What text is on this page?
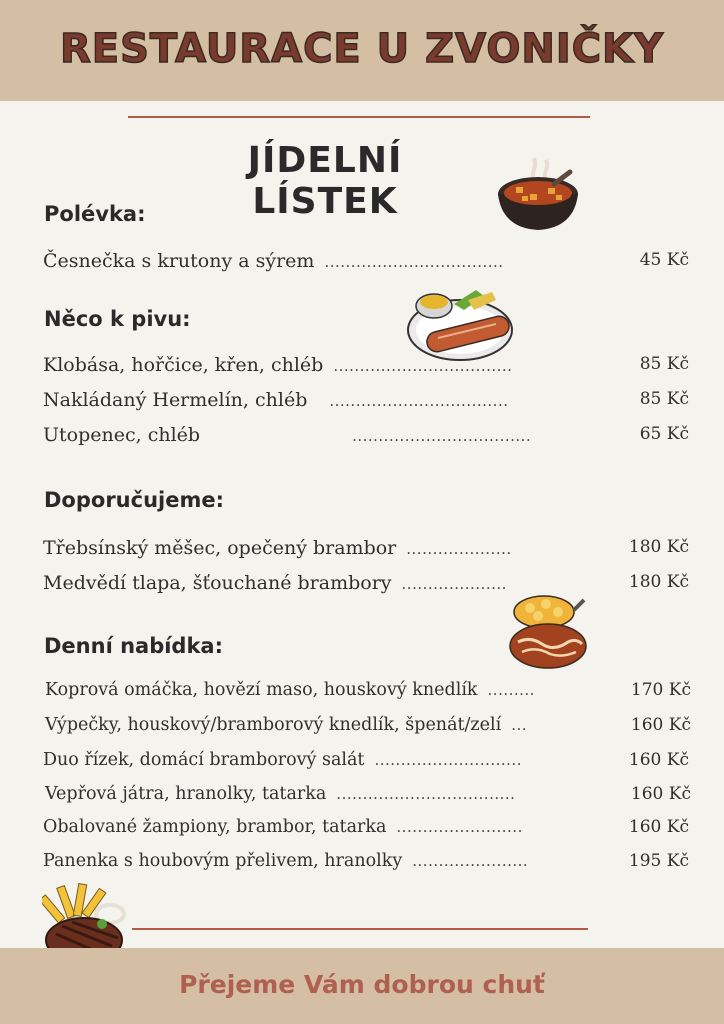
RESTAURACE U ZVONIČKY
JÍDELNÍ LÍSTEK
Polévka:
Česnečka s krutony a sýrem ..................................	45 Kč
Něco k pivu:
Klobása, hořčice, křen, chléb ..................................	85 Kč
Nakládaný Hermelín, chléb ..................................	85 Kč
Utopenec, chléb	..................................	65 Kč
Doporučujeme:
Třebsínský měšec, opečený brambor ....................	180 Kč
Medvědí tlapa, šťouchané brambory ....................	180 Kč
Denní nabídka:
Koprová omáčka, hovězí maso, houskový knedlík .........	170 Kč
Výpečky, houskový/bramborový knedlík, špenát/zelí ...	160 Kč
Duo řízek, domácí bramborový salát ............................	160 Kč
Vepřová játra, hranolky, tatarka ..................................	160 Kč
Obalované žampiony, brambor, tatarka ........................	160 Kč
Panenka s houbovým přelivem, hranolky ......................	195 Kč
Přejeme Vám dobrou chuť
